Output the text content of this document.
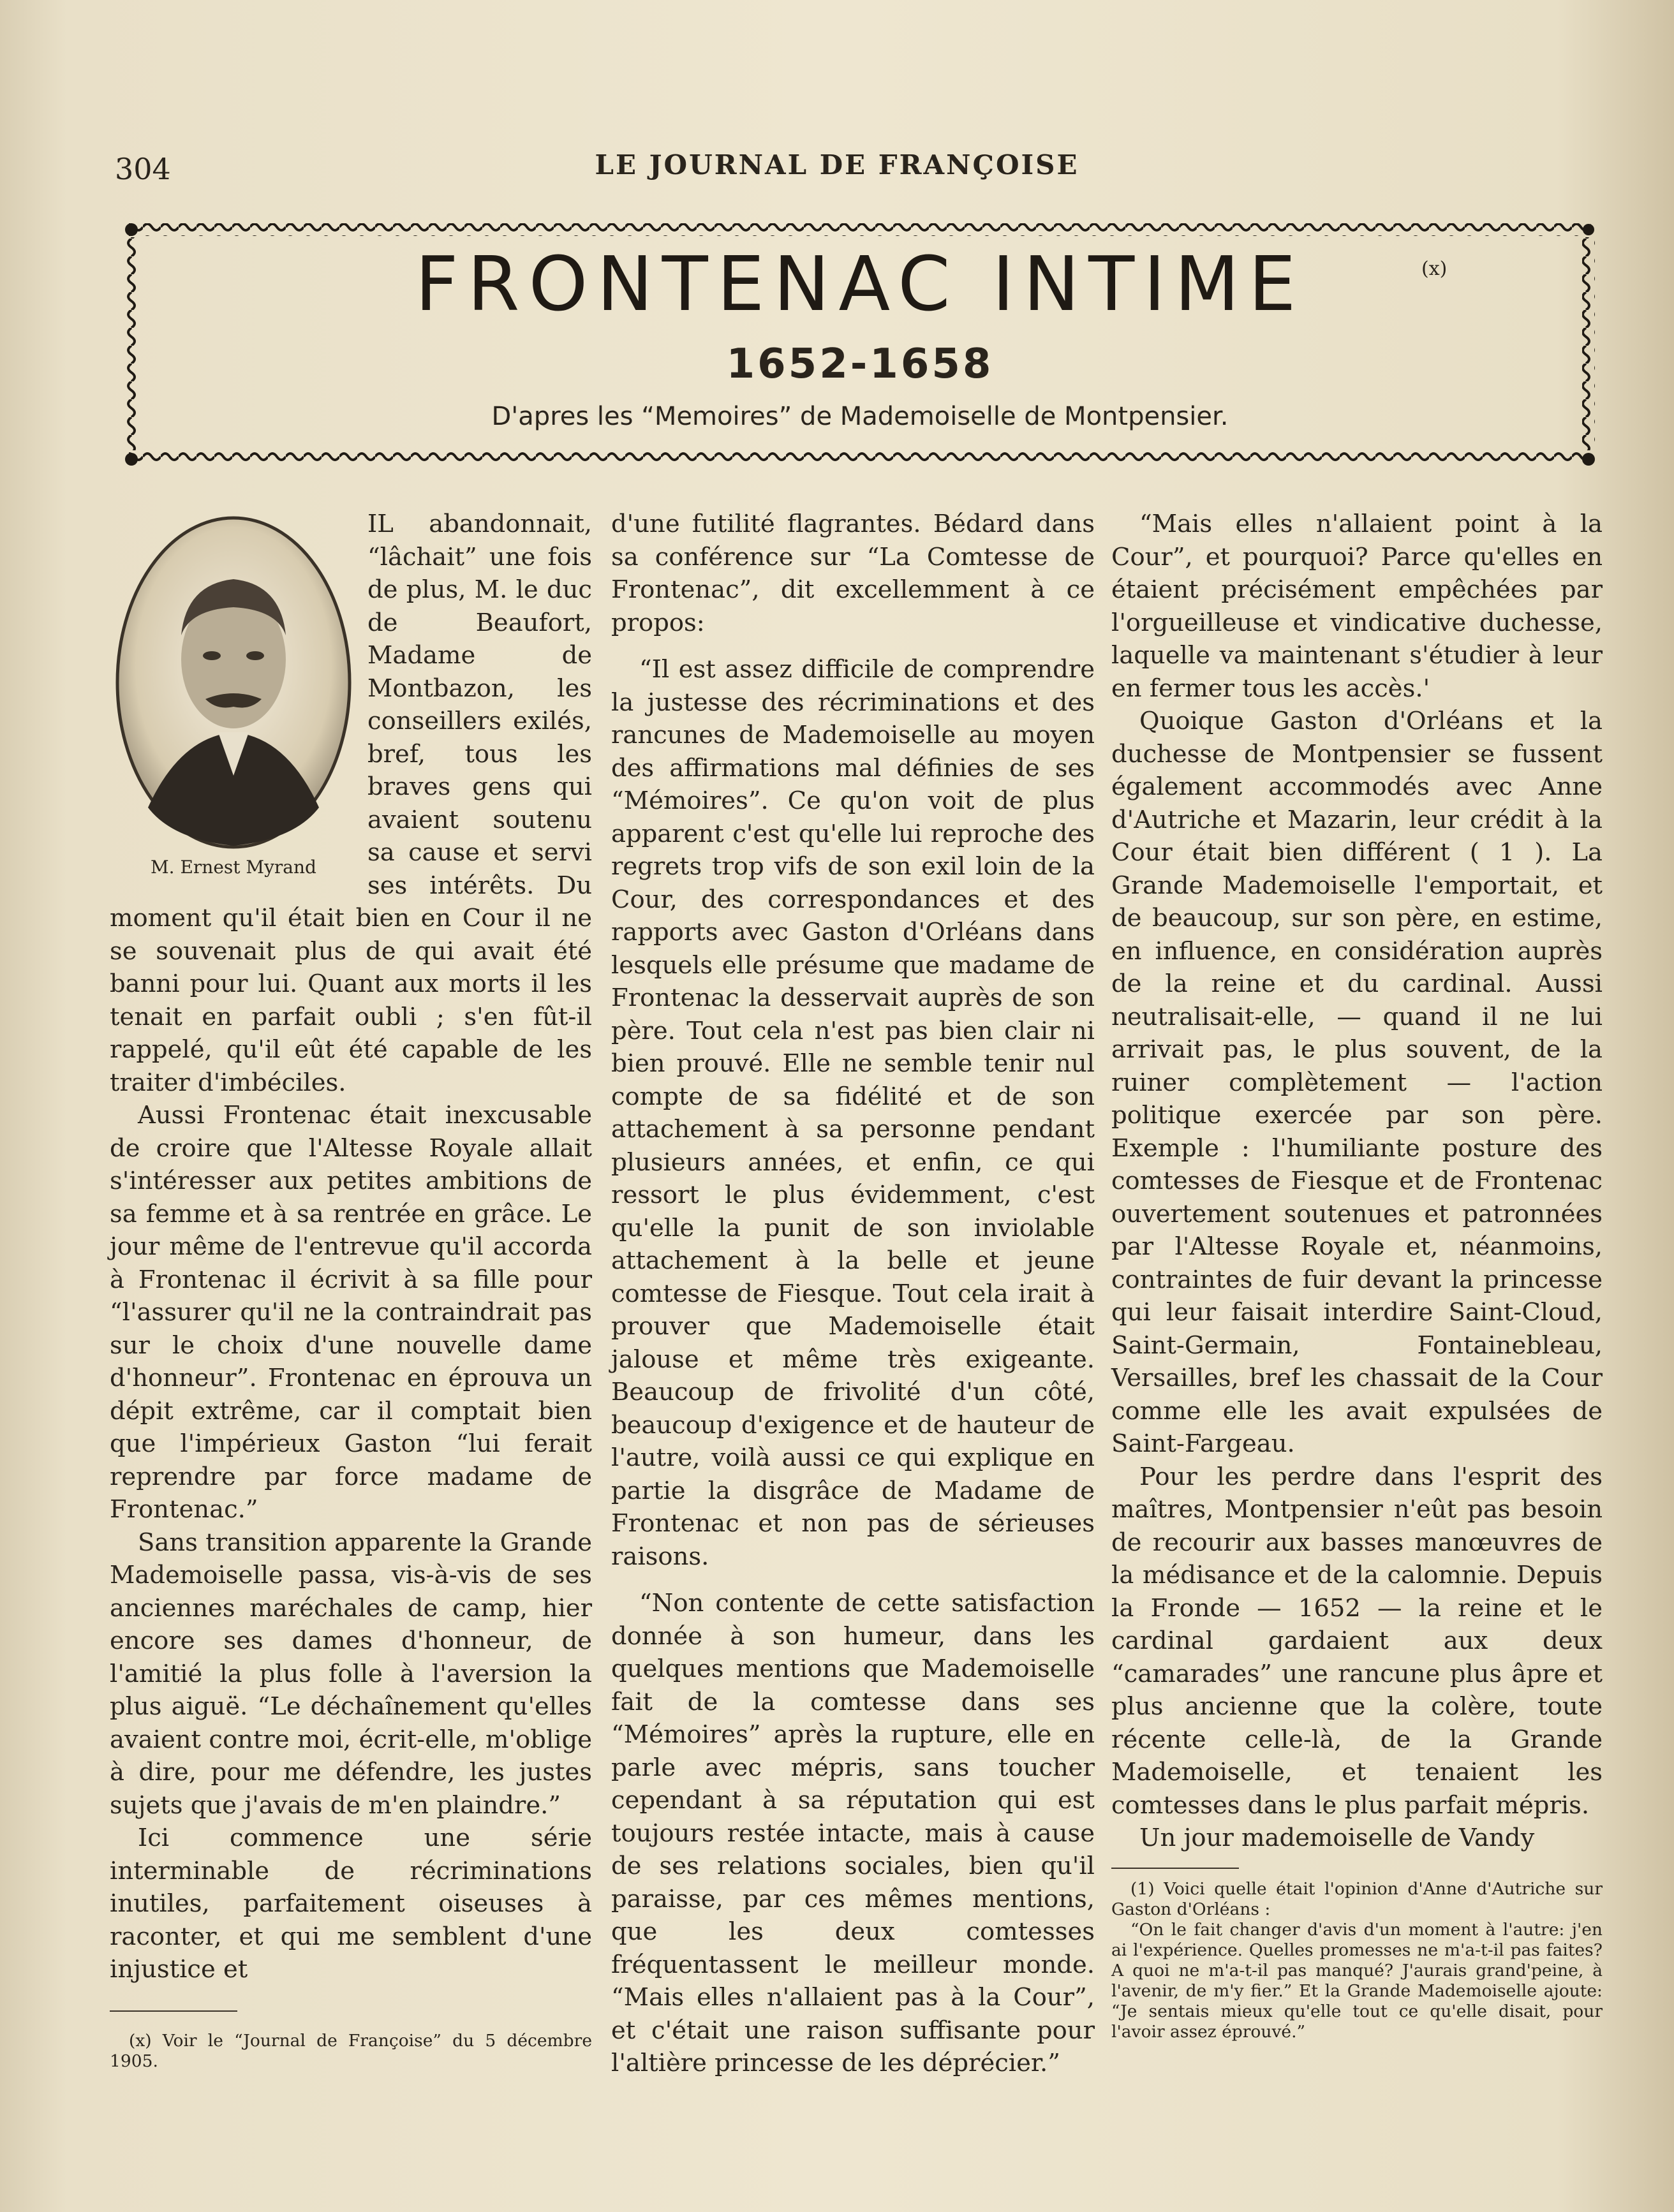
304	LE JOURNAL DE FRANÇOISE
FRONTENAC INTIME	(x)
1652-1658
D'apres les “Memoires” de Mademoiselle de Montpensier.
M. Ernest Myrand

IL abandonnait, “lâchait” une fois de plus, M. le duc de Beaufort, Madame de Montbazon, les conseillers exilés, bref, tous les braves gens qui avaient soutenu sa cause et servi ses intérêts. Du moment qu'il était bien en Cour il ne se souvenait plus de qui avait été banni pour lui. Quant aux morts il les tenait en parfait oubli ; s'en fût-il rappelé, qu'il eût été capable de les traiter d'imbéciles.

Aussi Frontenac était inexcusable de croire que l'Altesse Royale allait s'intéresser aux petites ambitions de sa femme et à sa rentrée en grâce. Le jour même de l'entrevue qu'il accorda à Frontenac il écrivit à sa fille pour “l'assurer qu'il ne la contraindrait pas sur le choix d'une nouvelle dame d'honneur”. Frontenac en éprouva un dépit extrême, car il comptait bien que l'impérieux Gaston “lui ferait reprendre par force madame de Frontenac.”

Sans transition apparente la Grande Mademoiselle passa, vis-à-vis de ses anciennes maréchales de camp, hier encore ses dames d'honneur, de l'amitié la plus folle à l'aversion la plus aiguë. “Le déchaînement qu'elles avaient contre moi, écrit-elle, m'oblige à dire, pour me défendre, les justes sujets que j'avais de m'en plaindre.”

Ici commence une série interminable de récriminations inutiles, parfaitement oiseuses à raconter, et qui me semblent d'une injustice et

d'une futilité flagrantes. Bédard dans sa conférence sur “La Comtesse de Frontenac”, dit excellemment à ce propos:

“Il est assez difficile de comprendre la justesse des récriminations et des rancunes de Mademoiselle au moyen des affirmations mal définies de ses “Mémoires”. Ce qu'on voit de plus apparent c'est qu'elle lui reproche des regrets trop vifs de son exil loin de la Cour, des correspondances et des rapports avec Gaston d'Orléans dans lesquels elle présume que madame de Frontenac la desservait auprès de son père. Tout cela n'est pas bien clair ni bien prouvé. Elle ne semble tenir nul compte de sa fidélité et de son attachement à sa personne pendant plusieurs années, et enfin, ce qui ressort le plus évidemment, c'est qu'elle la punit de son inviolable attachement à la belle et jeune comtesse de Fiesque. Tout cela irait à prouver que Mademoiselle était jalouse et même très exigeante. Beaucoup de frivolité d'un côté, beaucoup d'exigence et de hauteur de l'autre, voilà aussi ce qui explique en partie la disgrâce de Madame de Frontenac et non pas de sérieuses raisons.

“Non contente de cette satisfaction donnée à son humeur, dans les quelques mentions que Mademoiselle fait de la comtesse dans ses “Mémoires” après la rupture, elle en parle avec mépris, sans toucher cependant à sa réputation qui est toujours restée intacte, mais à cause de ses relations sociales, bien qu'il paraisse, par ces mêmes mentions, que les deux comtesses fréquentassent le meilleur monde. “Mais elles n'allaient pas à la Cour”, et c'était une raison suffisante pour l'altière princesse de les déprécier.”

“Mais elles n'allaient point à la Cour”, et pourquoi? Parce qu'elles en étaient précisément empêchées par l'orgueilleuse et vindicative duchesse, laquelle va maintenant s'étudier à leur en fermer tous les accès.'

Quoique Gaston d'Orléans et la duchesse de Montpensier se fussent également accommodés avec Anne d'Autriche et Mazarin, leur crédit à la Cour était bien différent ( 1 ). La Grande Mademoiselle l'emportait, et de beaucoup, sur son père, en estime, en influence, en considération auprès de la reine et du cardinal. Aussi neutralisait-elle, — quand il ne lui arrivait pas, le plus souvent, de la ruiner complètement — l'action politique exercée par son père. Exemple : l'humiliante posture des comtesses de Fiesque et de Frontenac ouvertement soutenues et patronnées par l'Altesse Royale et, néanmoins, contraintes de fuir devant la princesse qui leur faisait interdire Saint-Cloud, Saint-Germain, Fontainebleau, Versailles, bref les chassait de la Cour comme elle les avait expulsées de Saint-Fargeau.

Pour les perdre dans l'esprit des maîtres, Montpensier n'eût pas besoin de recourir aux basses manœuvres de la médisance et de la calomnie. Depuis la Fronde — 1652 — la reine et le cardinal gardaient aux deux “camarades” une rancune plus âpre et plus ancienne que la colère, toute récente celle-là, de la Grande Mademoiselle, et tenaient les comtesses dans le plus parfait mépris.

Un jour mademoiselle de Vandy

(x) Voir le “Journal de Françoise” du 5 décembre 1905.

(1) Voici quelle était l'opinion d'Anne d'Autriche sur Gaston d'Orléans :

“On le fait changer d'avis d'un moment à l'autre: j'en ai l'expérience. Quelles promesses ne m'a-t-il pas faites? A quoi ne m'a-t-il pas manqué? J'aurais grand'peine, à l'avenir, de m'y fier.” Et la Grande Mademoiselle ajoute: “Je sentais mieux qu'elle tout ce qu'elle disait, pour l'avoir assez éprouvé.”
